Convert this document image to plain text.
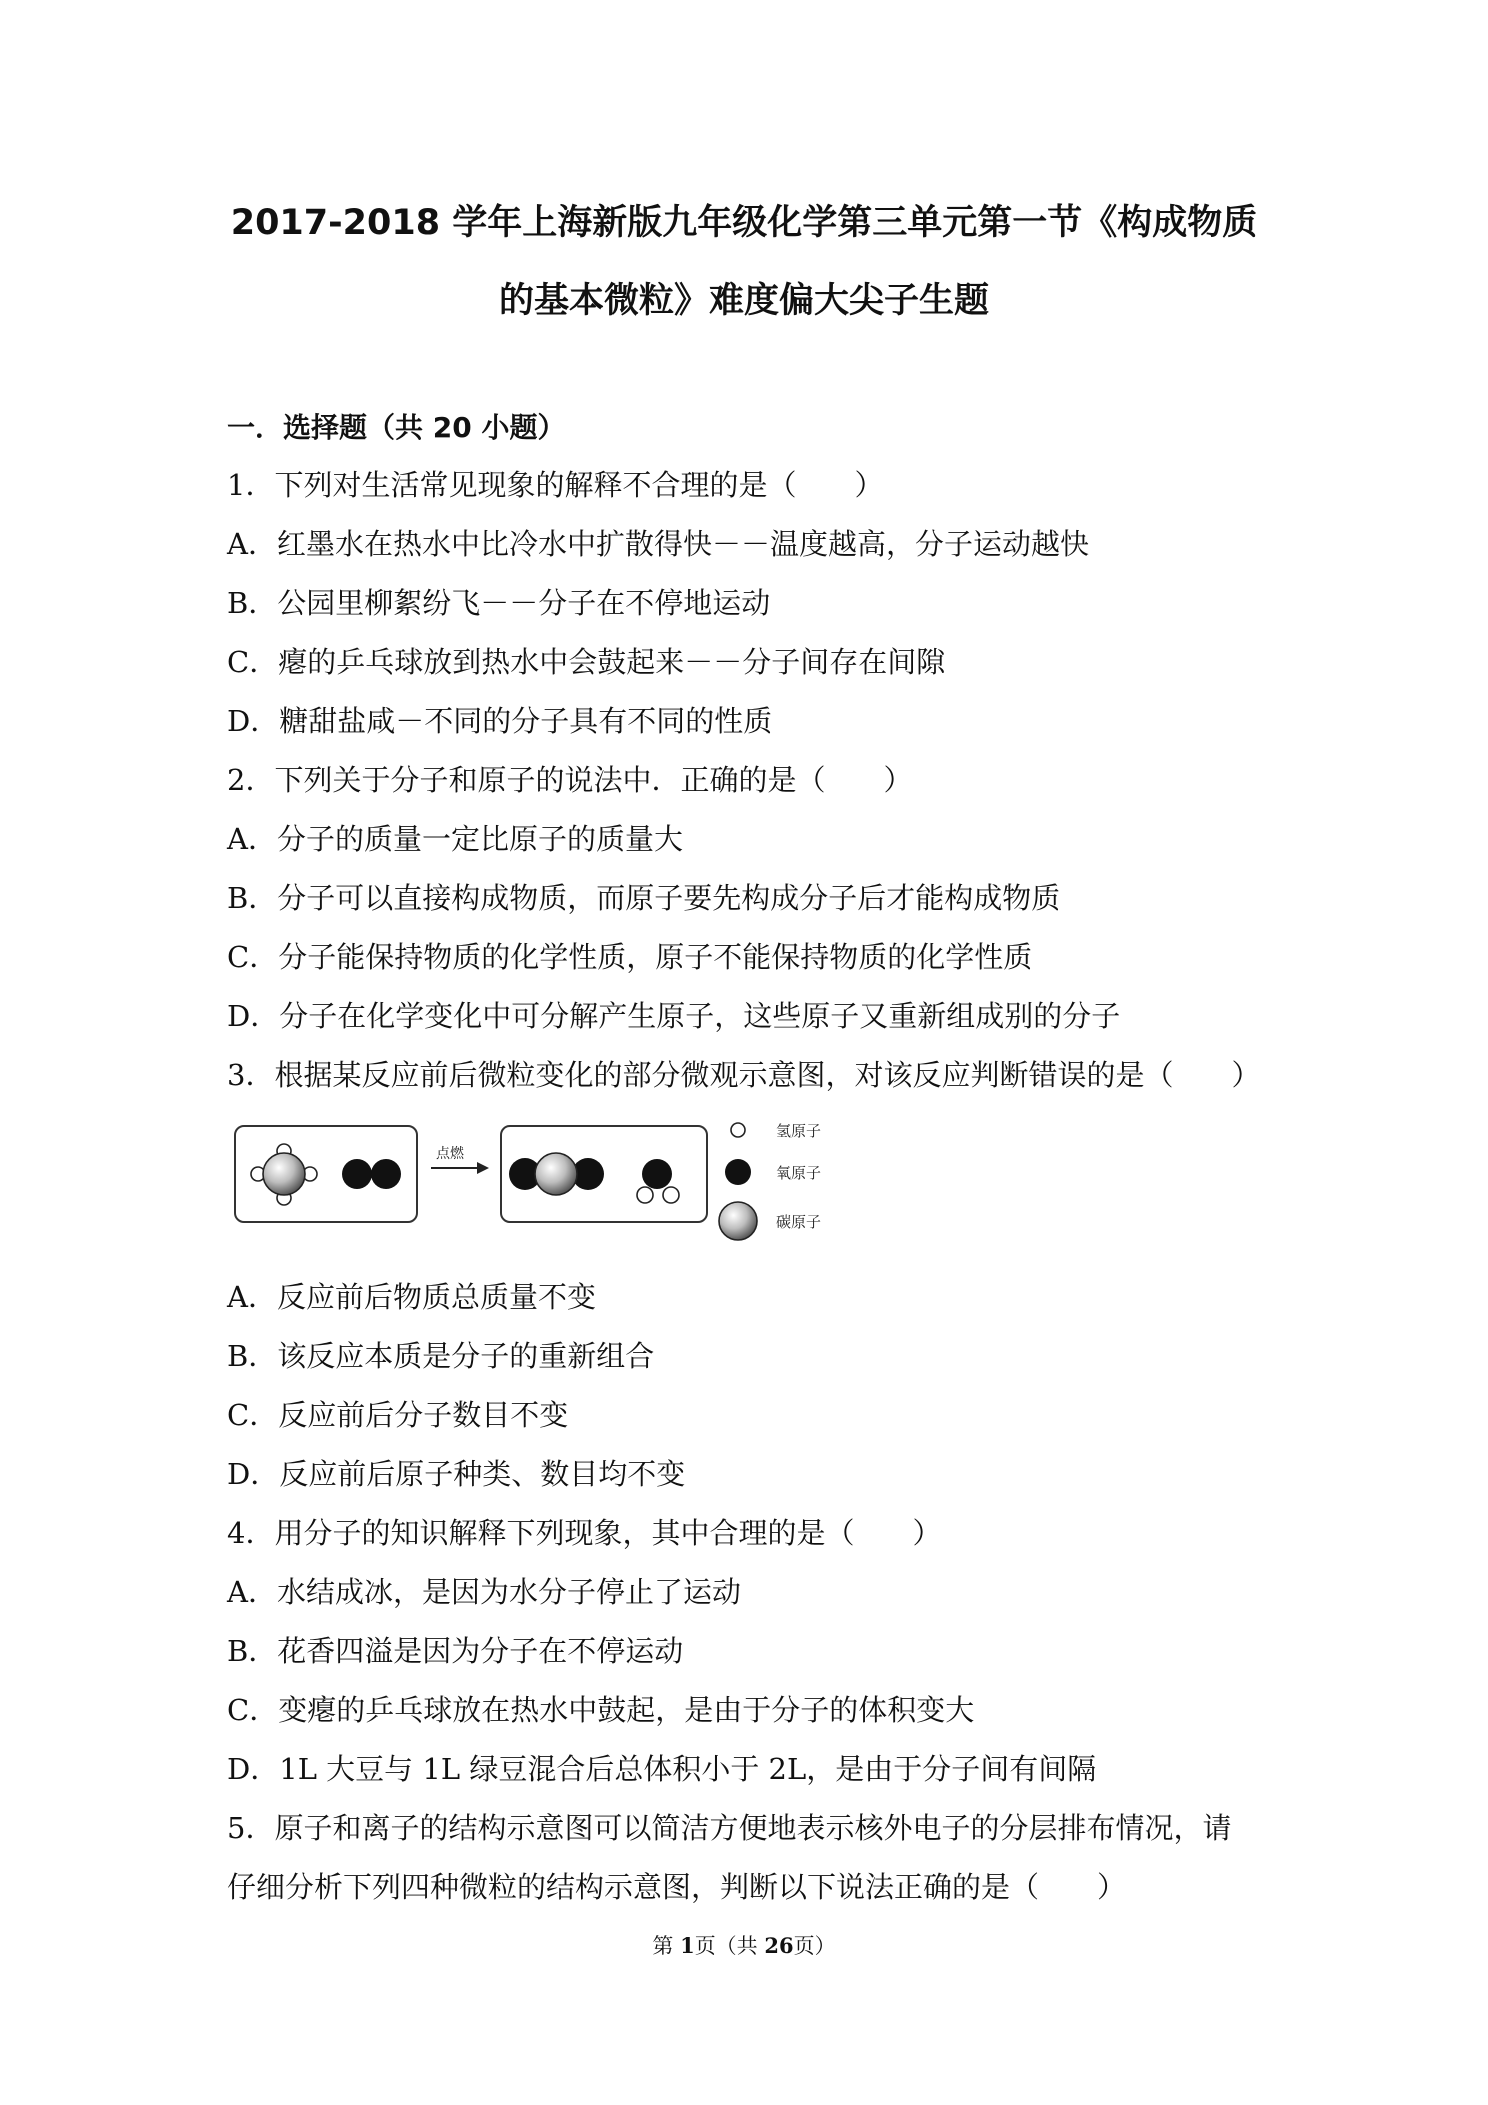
2017-2018 学年上海新版九年级化学第三单元第一节《构成物质
的基本微粒》难度偏大尖子生题
一．选择题（共 20 小题）
1．下列对生活常见现象的解释不合理的是（　　）
A．红墨水在热水中比冷水中扩散得快－－温度越高，分子运动越快
B．公园里柳絮纷飞－－分子在不停地运动
C．瘪的乒乓球放到热水中会鼓起来－－分子间存在间隙
D．糖甜盐咸－不同的分子具有不同的性质
2．下列关于分子和原子的说法中．正确的是（　　）
A．分子的质量一定比原子的质量大
B．分子可以直接构成物质，而原子要先构成分子后才能构成物质
C．分子能保持物质的化学性质，原子不能保持物质的化学性质
D．分子在化学变化中可分解产生原子，这些原子又重新组成别的分子
3．根据某反应前后微粒变化的部分微观示意图，对该反应判断错误的是（　　）
点燃
氢原子
氧原子
碳原子
A．反应前后物质总质量不变
B．该反应本质是分子的重新组合
C．反应前后分子数目不变
D．反应前后原子种类、数目均不变
4．用分子的知识解释下列现象，其中合理的是（　　）
A．水结成冰，是因为水分子停止了运动
B．花香四溢是因为分子在不停运动
C．变瘪的乒乓球放在热水中鼓起，是由于分子的体积变大
D．1L 大豆与 1L 绿豆混合后总体积小于 2L，是由于分子间有间隔
5．原子和离子的结构示意图可以简洁方便地表示核外电子的分层排布情况，请
仔细分析下列四种微粒的结构示意图，判断以下说法正确的是（　　）
第 1页（共 26页）
